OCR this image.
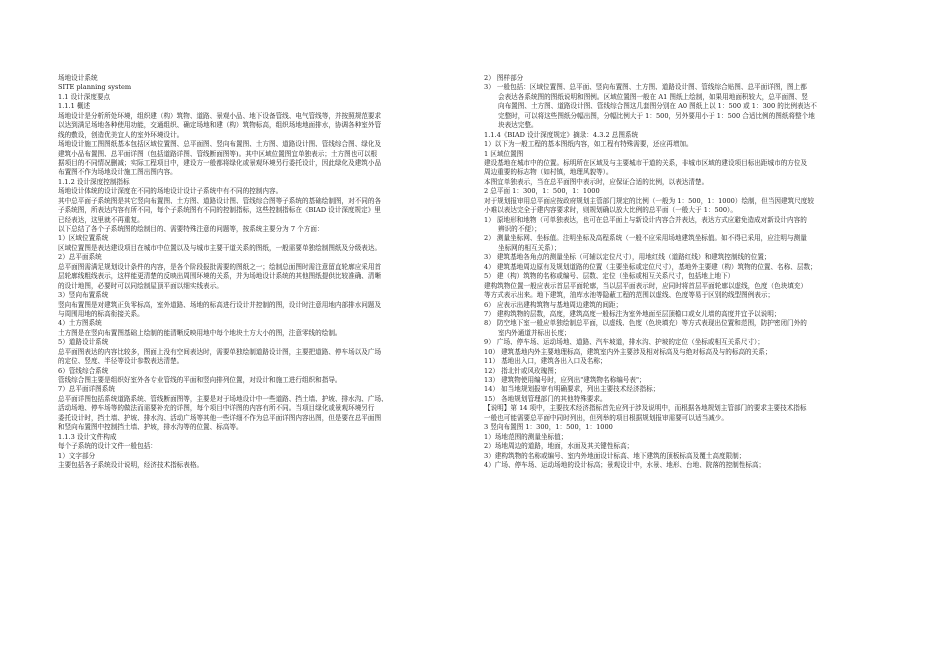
场地设计系统
SITE planning system
1.1 设计深度要点
1.1.1 概述
场地设计是分析所处环境，组织建（构）筑物、道路、景观小品、地下设备管线、电气管线等，并按照规范要求
以达到满足场地各种使用功能，交通组织、确定场地和建（构）筑物标高，组织场地地面排水，协调各种室外管
线的敷设，创造优美宜人的室外环境设计。
场地设计施工图图纸基本包括区域位置图、总平面图、竖向布置图、土方图、道路设计图、管线综合图、绿化及
建筑小品布置图、总平面详图（包括道路详图、管线断面图等)。其中区域位置图宜单独表示；土方图也可以根
据项目的不同情况删减；实际工程项目中，建设方一般都将绿化或景观环境另行委托设计，因此绿化及建筑小品
布置图不作为场地设计施工图出图内容。
1.1.2 设计深度控制指标
场地设计体统的设计深度在不同的场地设计设计子系统中有不同的控制内容。
其中总平面子系统图是其它竖向布置图、土方图、道路设计图、管线综合图等子系统的基础绘制图，对不同的各
子系统图，所表达内容有所不同，每个子系统图有不同的控制指标，这些控制指标在《BIAD 设计深度规定》里
已经表达，这里就不再重复。
以下总结了各个子系统图的绘制目的、需要特殊注意的问题等，按系统主要分为 7 个方面：
1）区域位置系统
区域位置图是表达建设项目在城市中位置以及与城市主要干道关系的图纸，一般需要单独绘制图纸及分级表达。
2）总平面系统
总平面图需满足规划设计条件的内容，是各个阶段报批需要的图纸之一；绘制总面图时需注意留直轮廓应采用首
层轮廓线粗线表示，这样能更清楚的反映出周围环境的关系，并为场地设计系统的其他图纸提供比较准确、清晰
的设计地图，必要时可以同绘制屋顶平面以细实线表示。
3）竖向布置系统
竖向布置图是对建筑正负零标高，室外道路、场地的标高进行设计并控制的图，设计时注意用地内部排水问题及
与周围用地的标高衔接关系。
4）土方图系统
土方图是在竖向布置图基础上绘制的能清晰反映用地中每个地块土方大小的图，注意零线的绘制。
5）道路设计系统
总平面图表达的内容比较多，图面上没有空间表达时，需要单独绘制道路设计图，主要把道路、停车场以及广场
的定位、竖度、半径等设计参数表达清楚。
6）管线综合系统
管线综合图主要是组织好室外各专业管线的平面和竖向排列位置，对设计和施工进行组织和指导。
7）总平面详图系统
总平面详图包括系统道路系统、管线断面图等，主要是对于场地设计中一些道路、挡土墙、护坡、排水沟、广场、
活动场地、停车场等的做法而需要补充的详图，每个项目中详图的内容有所不同。当项目绿化或景观环境另行
委托设计时，挡土墙、护坡、排水沟、活动广场等其他一些详细不作为总平面详图内容出图，但是要在总平面图
和竖向布置图中控制挡土墙、护坡，排水沟等的位置、标高等。
1.1.3 设计文件构成
每个子系统的设计文件一般包括：
1）文字部分
主要包括各子系统设计说明，经济技术指标表格。
2） 图样部分
3） 一般包括：区域位置图、总平面、竖向布置图、土方图、道路设计图、管线综合贴图、总平面详图，图上都
会表达各系统图的图纸说明和图例。区域位置图一般在 A1 图纸上绘制，如果用地面积较大，总平面图、竖
向布置图、土方图、道路设计图、管线综合图这几套图分别在 A0 图纸上以 1：500 或 1：300 的比例表达不
完整时，可以将这些图纸分幅出图，分幅比例大于 1：500，另外要用小于 1：500 合适比例的图纸将整个地
块表达完整。
1.1.4《BIAD 设计深度规定》摘录：4.3.2 总图系统
1）以下为一般工程的基本图纸内容，如工程有特殊需要，还应再增加。
1 区域位置图
建设基地在城市中的位置。标明所在区域及与主要城市干道的关系，非城市区域的建设项目标出距城市的方位及
周边重要的标志物（如村镇，地理风貌等）。
本图宜单独表示，当在总平面图中表示时，应保证合适的比例，以表达清楚。
2 总平面 1：300，1：500，1：1000
对于规划报审用总平面应按政府规划主管部门规定的比例（一般为 1：500，1：1000）绘制，但当因建筑尺度较
小难以表达完全于建内容要求时，则规划确以放大比例的总平面（一般大于 1：500）。
1） 原地形和地物（可单独表达，也可在总平面上与新设计内容合并表达，表达方式应避免造成对新设计内容的
辨识的不便）；
2） 测量坐标网、坐标值。注明坐标及高程系统（一般不应采用场地建筑坐标值。如不得已采用，应注明与测量
坐标网的相互关系）；
3） 建筑基地各角点的测量坐标（可辅以定位尺寸），用地红线（道路红线）和建筑控制线的位置；
4） 建筑基地周边原有及规划道路的位置（主要坐标或定位尺寸），基地外主要建（构）筑物的位置、名称、层数；
5） 建（构）筑物的名称或编号、层数、定位（坐标或相互关系尺寸，包括地上地下）
建构筑物位置一般应表示首层平面轮廓，当以层平面表示时，应同时将首层平面轮廓以虚线，色度（色块填充）
等方式表示出来。地下建筑，油库水池等隐蔽工程的范围以虚线、色度等易于区别的线型图例表示；
6） 应表示出建构筑物与基地周边建筑的间距；
7） 建构筑物的层数，高度，建筑高度一般标注为室外地面至层顶檐口或女儿墙的高度并宜予以说明；
8） 防空地下室一般应单独绘制总平面，以虚线、色度（色块填充）等方式表现出位置和范围，防护密闭门外的
室内外通道并标出长度；
9） 广场、停车场、运动场地、道路、汽车坡道，排水沟、护坡的定位（坐标或相互关系尺寸）；
10） 建筑基地内外主要地理标高，建筑室内外主要涉及相对标高及与绝对标高及与的标高的关系；
11） 基地出入口，建筑各出入口及名称；
12） 指北针或风玫瑰图；
13） 建筑物使用编号时，应列出"建筑物名称编号表"；
14） 如当地规划报审有明确要求，列出主要技术经济指标；
15） 各地规划管理部门的其他特殊要求。
【说明】第 14 项中，主要技术经济指标首先应列于涉及说明中，而根据各地规划主管部门的要求主要技术指标
一般也可能需要总平面中同时列出，但列举的项目根据规划报审需要可以适当减少。
3 竖向布置图 1：300，1：500，1：1000
1）场地范围的测量坐标值；
2）场地周边的道路，地面，水面及其关键性标高；
3）建构筑物的名称或编号、室内外地面设计标高、地下建筑的顶板标高及覆土高度限制；
4）广场、停车场、运动场地的设计标高；景观设计中，水景、地形、台地、院落的控制性标高；
